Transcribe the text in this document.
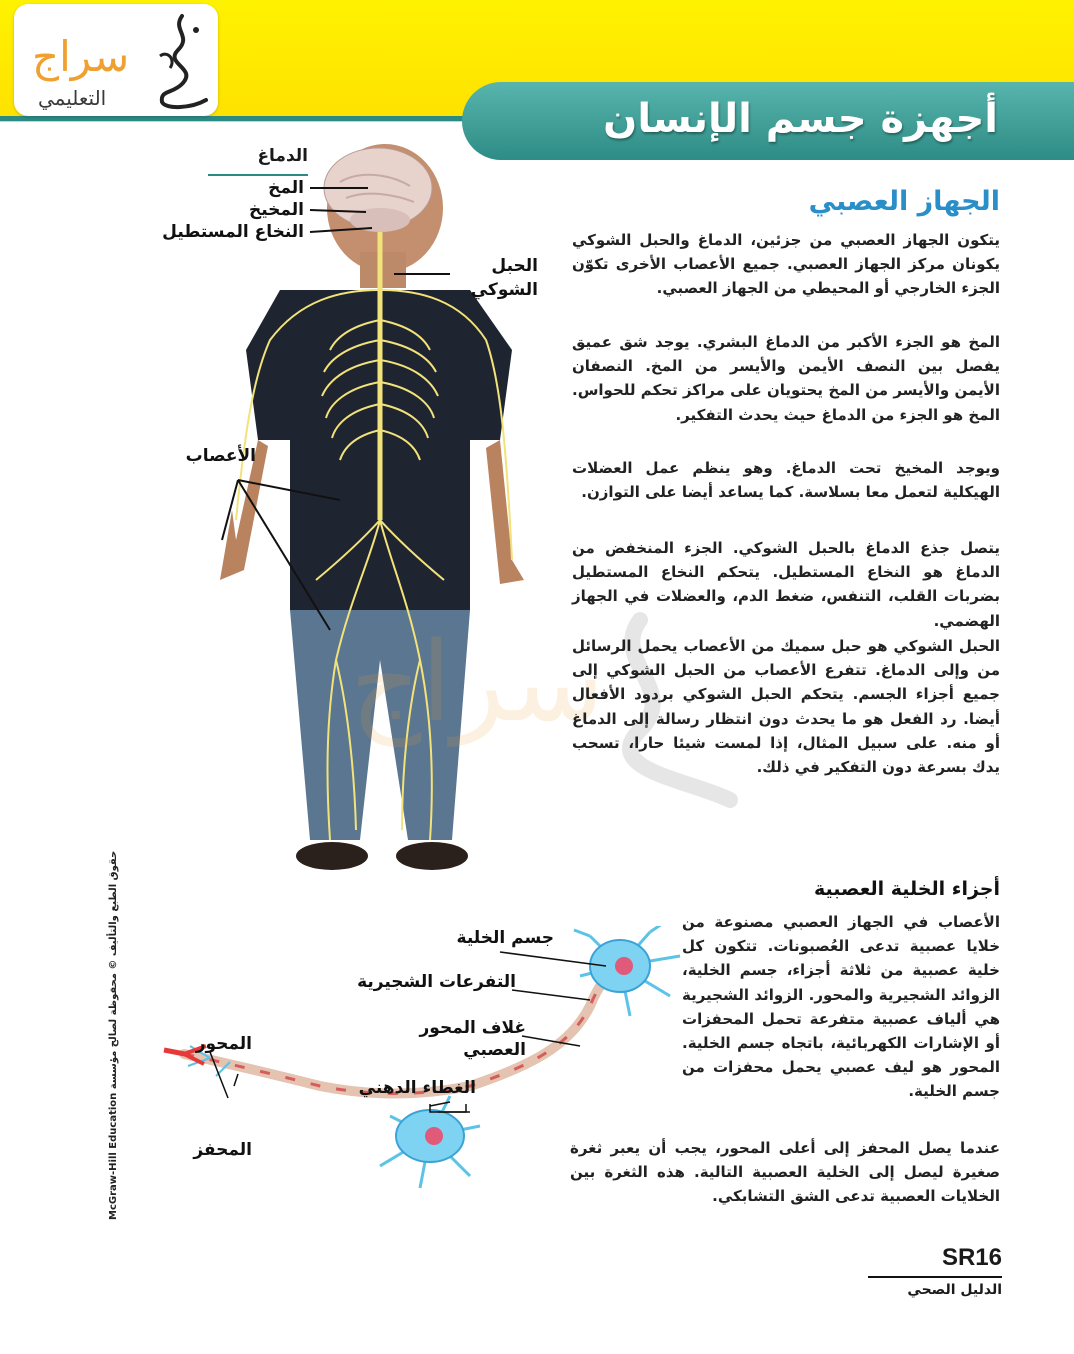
سراج
التعليمي	أجهزة جسم الإنسان
الدماغ
المخ
المخيخ
النخاع المستطيل
الحبل
الشوكي
الأعصاب
سراج
الجهاز العصبي
يتكون الجهاز العصبي من جزئين، الدماغ والحبل الشوكي يكونان مركز الجهاز العصبي. جميع الأعصاب الأخرى تكوّن الجزء الخارجي أو المحيطي من الجهاز العصبي.
المخ هو الجزء الأكبر من الدماغ البشري. يوجد شق عميق يفصل بين النصف الأيمن والأيسر من المخ. النصفان الأيمن والأيسر من المخ يحتويان على مراكز تحكم للحواس. المخ هو الجزء من الدماغ حيث يحدث التفكير.
ويوجد المخيخ تحت الدماغ. وهو ينظم عمل العضلات الهيكلية لتعمل معا بسلاسة. كما يساعد أيضا على التوازن.
يتصل جذع الدماغ بالحبل الشوكي. الجزء المنخفض من الدماغ هو النخاع المستطيل. يتحكم النخاع المستطيل بضربات القلب، التنفس، ضغط الدم، والعضلات في الجهاز الهضمي.
الحبل الشوكي هو حبل سميك من الأعصاب يحمل الرسائل من وإلى الدماغ. تتفرع الأعصاب من الحبل الشوكي إلى جميع أجزاء الجسم. يتحكم الحبل الشوكي بردود الأفعال أيضا. رد الفعل هو ما يحدث دون انتظار رسالة إلى الدماغ أو منه. على سبيل المثال، إذا لمست شيئا حارا، تسحب يدك بسرعة دون التفكير في ذلك.
أجزاء الخلية العصبية
الأعصاب في الجهاز العصبي مصنوعة من خلايا عصبية تدعى العُصبونات. تتكون كل خلية عصبية من ثلاثة أجزاء، جسم الخلية، الزوائد الشجيرية والمحور. الزوائد الشجيرية هي ألياف عصبية متفرعة تحمل المحفزات أو الإشارات الكهربائية، باتجاه جسم الخلية. المحور هو ليف عصبي يحمل محفزات من جسم الخلية.
عندما يصل المحفز إلى أعلى المحور، يجب أن يعبر ثغرة صغيرة ليصل إلى الخلية العصبية التالية. هذه الثغرة بين الخلايات العصبية تدعى الشق التشابكي.
جسم الخلية
التفرعات الشجيرية
غلاف المحور
العصبي
المحور
الغطاء الدهني
المحفز
McGraw-Hill Education حقوق الطبع والتأليف © محفوظة لصالح مؤسسة
SR16
الدليل الصحي
